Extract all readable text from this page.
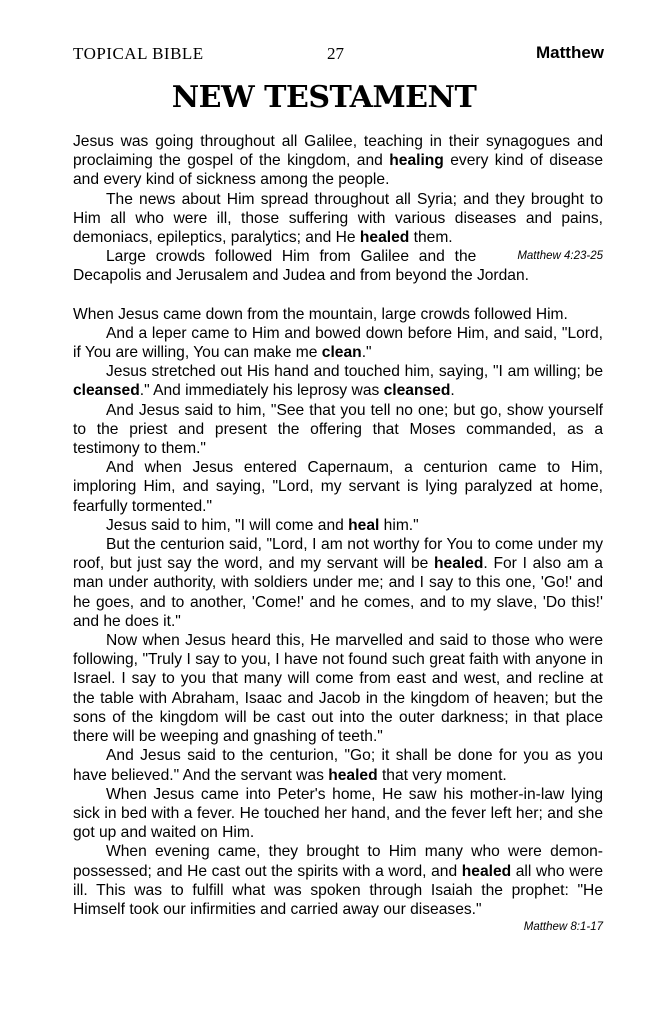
TOPICAL BIBLE	27	Matthew
NEW TESTAMENT

Jesus was going throughout all Galilee, teaching in their synagogues and proclaiming the gospel of the kingdom, and healing every kind of disease and every kind of sickness among the people.

The news about Him spread throughout all Syria; and they brought to Him all who were ill, those suffering with various diseases and pains, demoniacs, epileptics, paralytics; and He healed them.

Matthew 4:23-25
Large crowds followed Him from Galilee and the Decapolis and Jerusalem and Judea and from beyond the Jordan.

When Jesus came down from the mountain, large crowds followed Him.

And a leper came to Him and bowed down before Him, and said, "Lord, if You are willing, You can make me clean."

Jesus stretched out His hand and touched him, saying, "I am willing; be cleansed." And immediately his leprosy was cleansed.

And Jesus said to him, "See that you tell no one; but go, show yourself to the priest and present the offering that Moses commanded, as a testimony to them."

And when Jesus entered Capernaum, a centurion came to Him, imploring Him, and saying, "Lord, my servant is lying paralyzed at home, fearfully tormented."

Jesus said to him, "I will come and heal him."

But the centurion said, "Lord, I am not worthy for You to come under my roof, but just say the word, and my servant will be healed. For I also am a man under authority, with soldiers under me; and I say to this one, 'Go!' and he goes, and to another, 'Come!' and he comes, and to my slave, 'Do this!' and he does it."

Now when Jesus heard this, He marvelled and said to those who were following, "Truly I say to you, I have not found such great faith with anyone in Israel. I say to you that many will come from east and west, and recline at the table with Abraham, Isaac and Jacob in the kingdom of heaven; but the sons of the kingdom will be cast out into the outer darkness; in that place there will be weeping and gnashing of teeth."

And Jesus said to the centurion, "Go; it shall be done for you as you have believed." And the servant was healed that very moment.

When Jesus came into Peter's home, He saw his mother-in-law lying sick in bed with a fever. He touched her hand, and the fever left her; and she got up and waited on Him.

When evening came, they brought to Him many who were demon-possessed; and He cast out the spirits with a word, and healed all who were ill. This was to fulfill what was spoken through Isaiah the prophet: "He Himself took our infirmities and carried away our diseases."

Matthew 8:1-17
